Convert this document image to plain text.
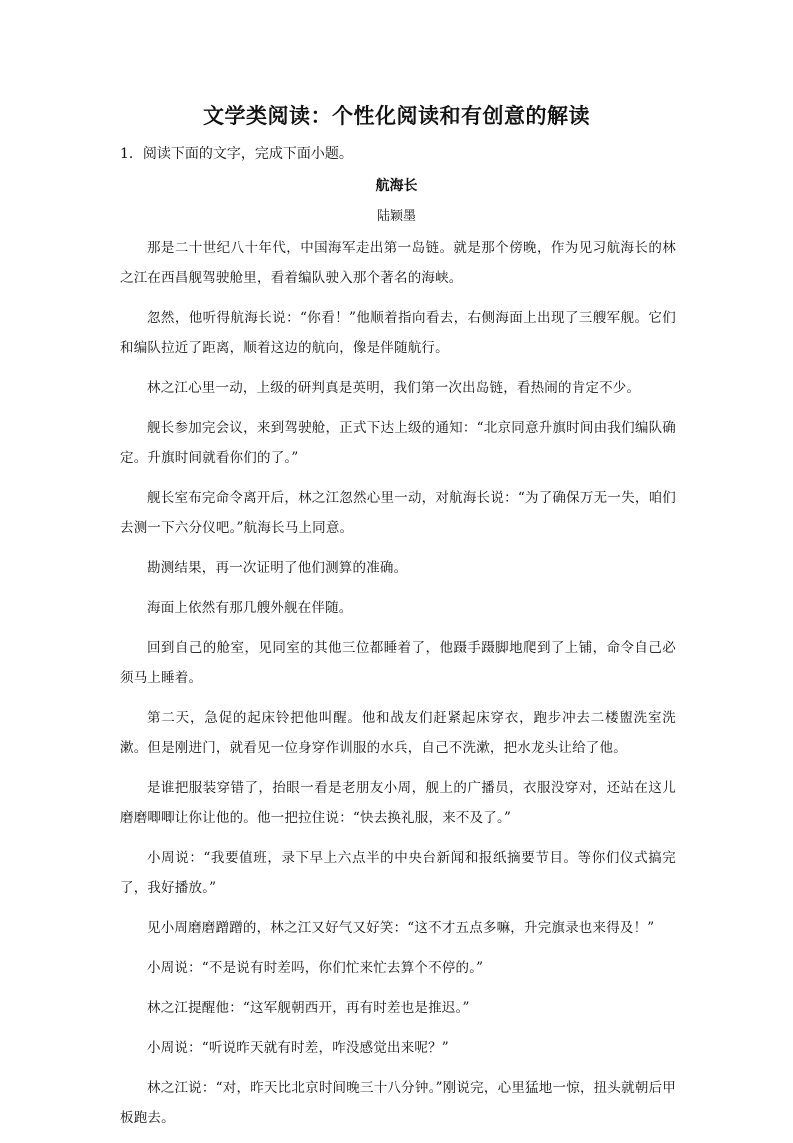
文学类阅读：个性化阅读和有创意的解读

1．阅读下面的文字，完成下面小题。

航海长

陆颖墨

那是二十世纪八十年代，中国海军走出第一岛链。就是那个傍晚，作为见习航海长的林之江在西昌舰驾驶舱里，看着编队驶入那个著名的海峡。

忽然，他听得航海长说：“你看！”他顺着指向看去，右侧海面上出现了三艘军舰。它们和编队拉近了距离，顺着这边的航向，像是伴随航行。

林之江心里一动，上级的研判真是英明，我们第一次出岛链，看热闹的肯定不少。

舰长参加完会议，来到驾驶舱，正式下达上级的通知：“北京同意升旗时间由我们编队确定。升旗时间就看你们的了。”

舰长室布完命令离开后，林之江忽然心里一动，对航海长说：“为了确保万无一失，咱们去测一下六分仪吧。”航海长马上同意。

勘测结果，再一次证明了他们测算的准确。

海面上依然有那几艘外舰在伴随。

回到自己的舱室，见同室的其他三位都睡着了，他蹑手蹑脚地爬到了上铺，命令自己必须马上睡着。

第二天，急促的起床铃把他叫醒。他和战友们赶紧起床穿衣，跑步冲去二楼盥洗室洗漱。但是刚进门，就看见一位身穿作训服的水兵，自己不洗漱，把水龙头让给了他。

是谁把服装穿错了，抬眼一看是老朋友小周，舰上的广播员，衣服没穿对，还站在这儿磨磨唧唧让你让他的。他一把拉住说：“快去换礼服，来不及了。”

小周说：“我要值班，录下早上六点半的中央台新闻和报纸摘要节目。等你们仪式搞完了，我好播放。”

见小周磨磨蹭蹭的，林之江又好气又好笑：“这不才五点多嘛，升完旗录也来得及！”

小周说：“不是说有时差吗，你们忙来忙去算个不停的。”

林之江提醒他：“这军舰朝西开，再有时差也是推迟。”

小周说：“听说昨天就有时差，咋没感觉出来呢？”

林之江说：“对，昨天比北京时间晚三十八分钟。”刚说完，心里猛地一惊，扭头就朝后甲板跑去。
